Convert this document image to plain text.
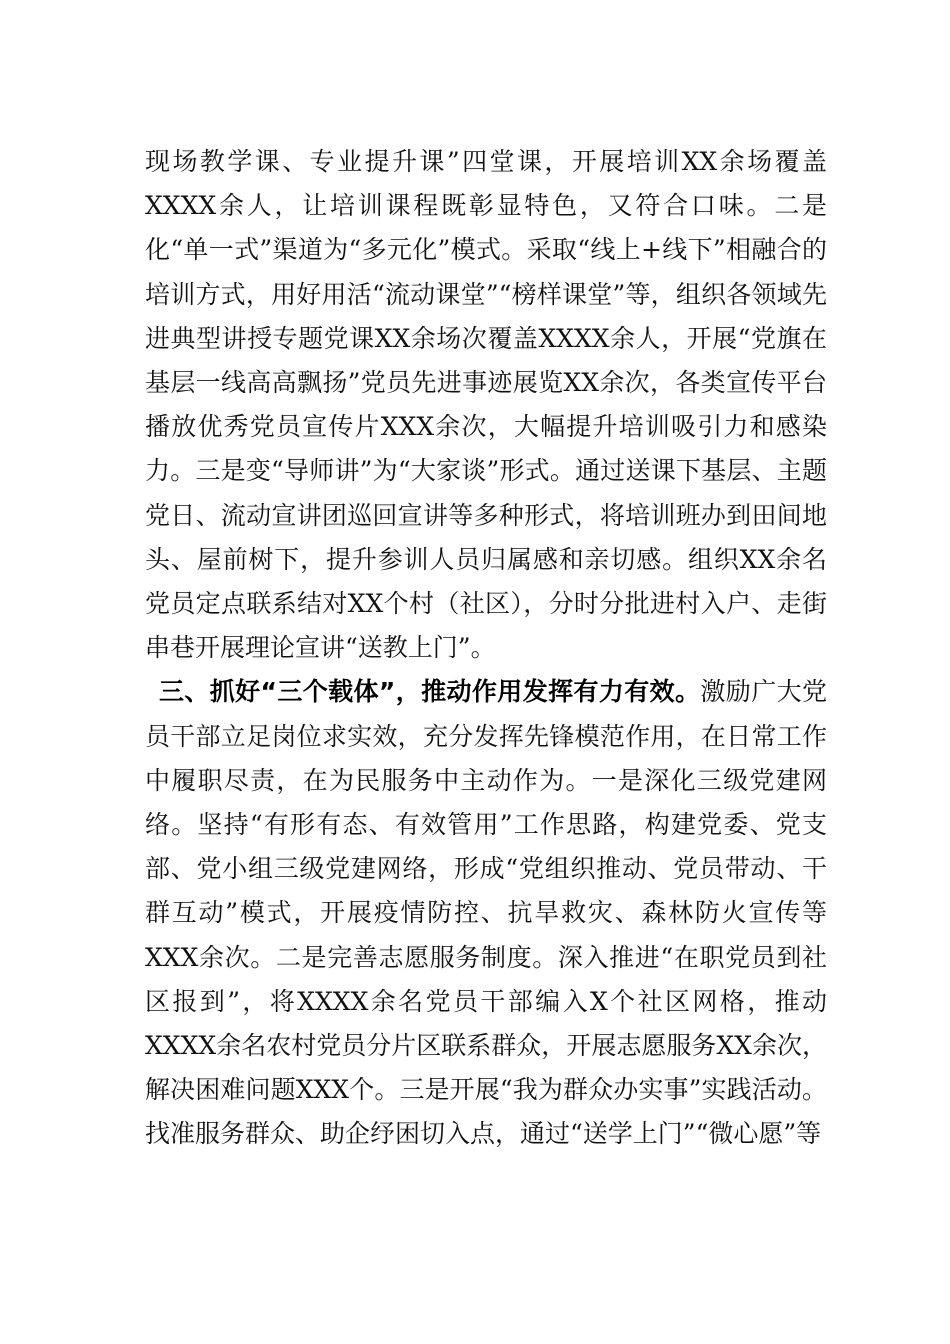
现场教学课、专业提升课”四堂课，开展培训XX余场覆盖XXXX余人，让培训课程既彰显特色，又符合口味。二是化“单一式”渠道为“多元化”模式。采取“线上+线下”相融合的培训方式，用好用活“流动课堂”“榜样课堂”等，组织各领域先进典型讲授专题党课XX余场次覆盖XXXX余人，开展“党旗在基层一线高高飘扬”党员先进事迹展览XX余次，各类宣传平台播放优秀党员宣传片XXX余次，大幅提升培训吸引力和感染力。三是变“导师讲”为“大家谈”形式。通过送课下基层、主题党日、流动宣讲团巡回宣讲等多种形式，将培训班办到田间地头、屋前树下，提升参训人员归属感和亲切感。组织XX余名党员定点联系结对XX个村（社区），分时分批进村入户、走街串巷开展理论宣讲“送教上门”。

三、抓好“三个载体”，推动作用发挥有力有效。激励广大党员干部立足岗位求实效，充分发挥先锋模范作用，在日常工作中履职尽责，在为民服务中主动作为。一是深化三级党建网络。坚持“有形有态、有效管用”工作思路，构建党委、党支部、党小组三级党建网络，形成“党组织推动、党员带动、干群互动”模式，开展疫情防控、抗旱救灾、森林防火宣传等XXX余次。二是完善志愿服务制度。深入推进“在职党员到社区报到”，将XXXX余名党员干部编入X个社区网格，推动XXXX余名农村党员分片区联系群众，开展志愿服务XX余次，解决困难问题XXX个。三是开展“我为群众办实事”实践活动。找准服务群众、助企纾困切入点，通过“送学上门”“微心愿”等
